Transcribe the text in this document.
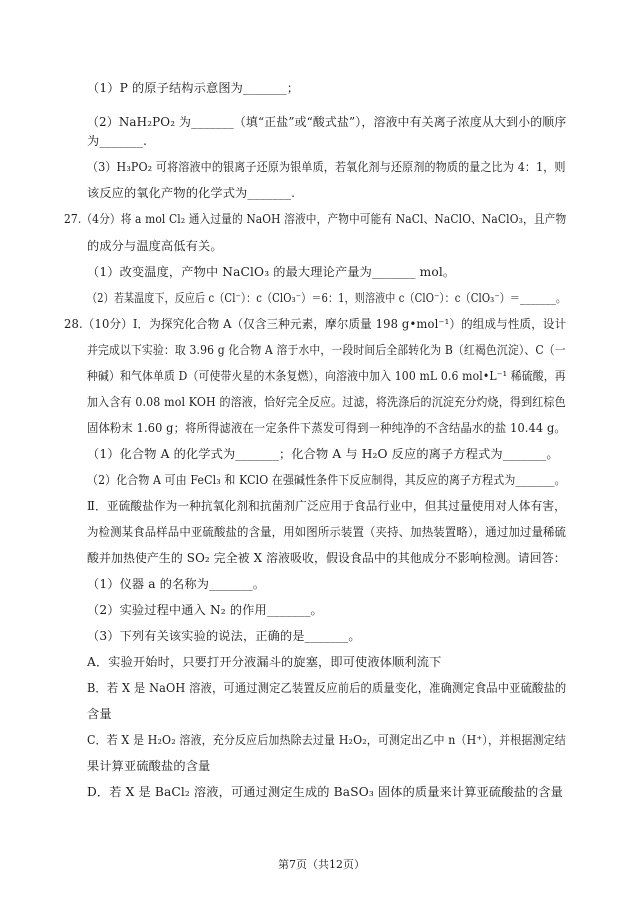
（1）P 的原子结构示意图为_______；
（2）NaH₂PO₂ 为_______（填“正盐”或“酸式盐”），溶液中有关离子浓度从大到小的顺序
为_______.
（3）H₃PO₂ 可将溶液中的银离子还原为银单质，若氧化剂与还原剂的物质的量之比为 4：1，则
该反应的氧化产物的化学式为_______.
27.（4分）将 a mol Cl₂ 通入过量的 NaOH 溶液中，产物中可能有 NaCl、NaClO、NaClO₃，且产物
的成分与温度高低有关。
（1）改变温度，产物中 NaClO₃ 的最大理论产量为_______ mol。
（2）若某温度下，反应后 c（Cl⁻）：c（ClO₃⁻）＝6：1，则溶液中 c（ClO⁻）：c（ClO₃⁻）＝_______。
28.（10分）Ⅰ．为探究化合物 A（仅含三种元素，摩尔质量 198 g•mol⁻¹）的组成与性质，设计
并完成以下实验：取 3.96 g 化合物 A 溶于水中，一段时间后全部转化为 B（红褐色沉淀）、C（一
种碱）和气体单质 D（可使带火星的木条复燃），向溶液中加入 100 mL 0.6 mol•L⁻¹ 稀硫酸，再
加入含有 0.08 mol KOH 的溶液，恰好完全反应。过滤，将洗涤后的沉淀充分灼烧，得到红棕色
固体粉末 1.60 g；将所得滤液在一定条件下蒸发可得到一种纯净的不含结晶水的盐 10.44 g。
（1）化合物 A 的化学式为_______；化合物 A 与 H₂O 反应的离子方程式为_______。
（2）化合物 A 可由 FeCl₃ 和 KClO 在强碱性条件下反应制得，其反应的离子方程式为_______。
Ⅱ．亚硫酸盐作为一种抗氧化剂和抗菌剂广泛应用于食品行业中，但其过量使用对人体有害，
为检测某食品样品中亚硫酸盐的含量，用如图所示装置（夹持、加热装置略），通过加过量稀硫
酸并加热使产生的 SO₂ 完全被 X 溶液吸收，假设食品中的其他成分不影响检测。请回答：
（1）仪器 a 的名称为_______。
（2）实验过程中通入 N₂ 的作用_______。
（3）下列有关该实验的说法，正确的是_______。
A．实验开始时，只要打开分液漏斗的旋塞，即可使液体顺利流下
B．若 X 是 NaOH 溶液，可通过测定乙装置反应前后的质量变化，准确测定食品中亚硫酸盐的
含量
C．若 X 是 H₂O₂ 溶液，充分反应后加热除去过量 H₂O₂，可测定出乙中 n（H⁺），并根据测定结
果计算亚硫酸盐的含量
D．若 X 是 BaCl₂ 溶液，可通过测定生成的 BaSO₃ 固体的质量来计算亚硫酸盐的含量
第7页（共12页）
